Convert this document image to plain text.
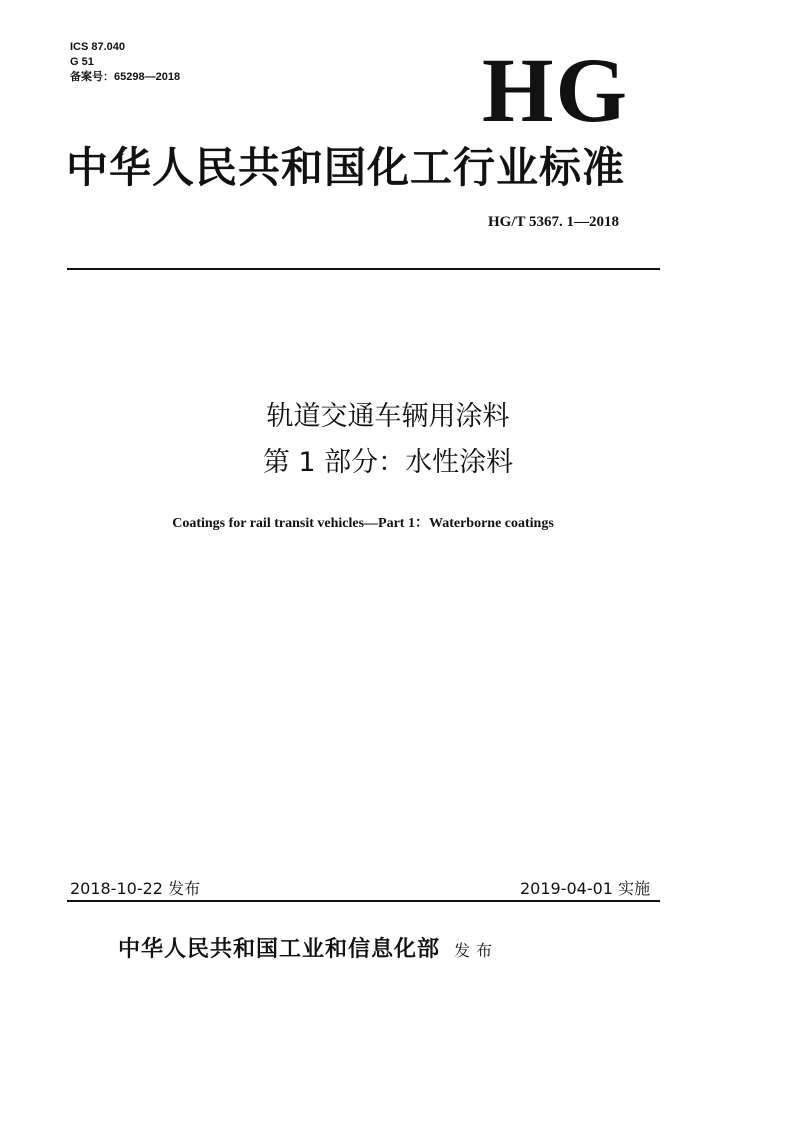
ICS 87.040
G 51
备案号：65298—2018	HG
中华人民共和国化工行业标准
HG/T 5367. 1—2018
轨道交通车辆用涂料
第 1 部分：水性涂料
Coatings for rail transit vehicles—Part 1：Waterborne coatings
2018-10-22 发布	2019-04-01 实施
中华人民共和国工业和信息化部 发布
